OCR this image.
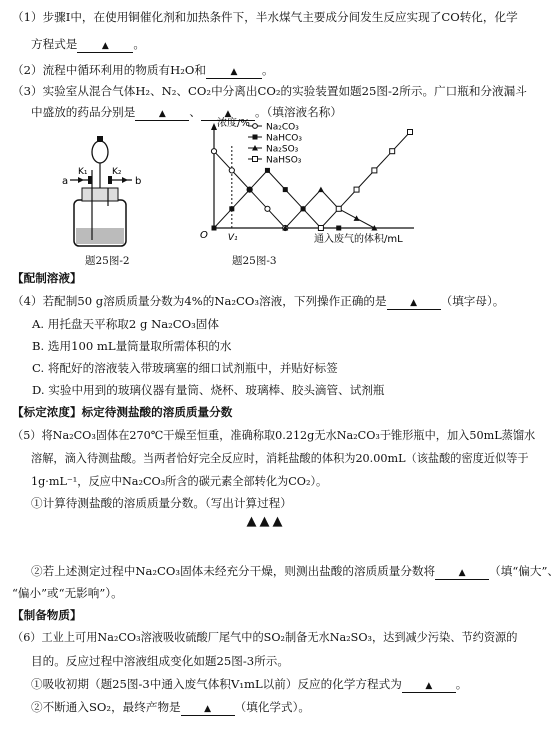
（1）步骤Ⅰ中，在使用铜催化剂和加热条件下，半水煤气主要成分间发生反应实现了CO转化，化学
方程式是	▲ 。
（2）流程中循环利用的物质有H₂O和	▲ 。
（3）实验室从混合气体H₂、N₂、CO₂中分离出CO₂的实验装置如题25图-2所示。广口瓶和分液漏斗
中盛放的药品分别是	▲ 、	▲ 。（填溶液名称）
a	b
K₁	K₂
题25图-2
O V₁
浓度/%
通入废气的体积/mL
Na₂CO₃
NaHCO₃
Na₂SO₃
NaHSO₃
题25图-3
【配制溶液】
（4）若配制50 g溶质质量分数为4%的Na₂CO₃溶液，下列操作正确的是	▲ （填字母）。
A. 用托盘天平称取2 g Na₂CO₃固体
B. 选用100 mL量筒量取所需体积的水
C. 将配好的溶液装入带玻璃塞的细口试剂瓶中，并贴好标签
D. 实验中用到的玻璃仪器有量筒、烧杯、玻璃棒、胶头滴管、试剂瓶
【标定浓度】标定待测盐酸的溶质质量分数
（5）将Na₂CO₃固体在270℃干燥至恒重，准确称取0.212g无水Na₂CO₃于锥形瓶中，加入50mL蒸馏水
溶解，滴入待测盐酸。当两者恰好完全反应时，消耗盐酸的体积为20.00mL（该盐酸的密度近似等于
1g·mL⁻¹，反应中Na₂CO₃所含的碳元素全部转化为CO₂）。
①计算待测盐酸的溶质质量分数。（写出计算过程）
▲▲▲
②若上述测定过程中Na₂CO₃固体未经充分干燥，则测出盐酸的溶质质量分数将	▲ （填“偏大”、
“偏小”或“无影响”）。
【制备物质】
（6）工业上可用Na₂CO₃溶液吸收硫酸厂尾气中的SO₂制备无水Na₂SO₃，达到减少污染、节约资源的
目的。反应过程中溶液组成变化如题25图-3所示。
①吸收初期（题25图-3中通入废气体积V₁mL以前）反应的化学方程式为	▲ 。
②不断通入SO₂，最终产物是	▲ （填化学式）。
